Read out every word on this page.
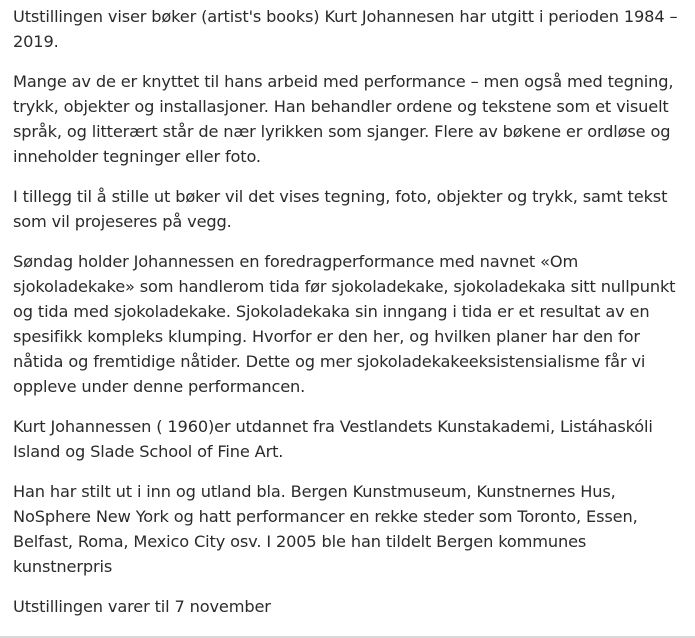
Utstillingen viser bøker (artist's books) Kurt Johannesen har utgitt i perioden 1984 – 2019.

Mange av de er knyttet til hans arbeid med performance – men også med tegning, trykk, objekter og installasjoner. Han behandler ordene og tekstene som et visuelt språk, og litterært står de nær lyrikken som sjanger. Flere av bøkene er ordløse og inneholder tegninger eller foto.

I tillegg til å stille ut bøker vil det vises tegning, foto, objekter og trykk, samt tekst som vil projeseres på vegg.

Søndag holder Johannessen en foredragperformance med navnet «Om sjokoladekake» som handlerom tida før sjokoladekake, sjokoladekaka sitt nullpunkt og tida med sjokoladekake. Sjokoladekaka sin inngang i tida er et resultat av en spesifikk kompleks klumping. Hvorfor er den her, og hvilken planer har den for nåtida og fremtidige nåtider. Dette og mer sjokoladekakeeksistensialisme får vi oppleve under denne performancen.

Kurt Johannessen ( 1960)er utdannet fra Vestlandets Kunstakademi, Listáhaskóli Island og Slade School of Fine Art.

Han har stilt ut i inn og utland bla. Bergen Kunstmuseum, Kunstnernes Hus, NoSphere New York og hatt performancer en rekke steder som Toronto, Essen, Belfast, Roma, Mexico City osv. I 2005 ble han tildelt Bergen kommunes kunstnerpris

Utstillingen varer til 7 november
